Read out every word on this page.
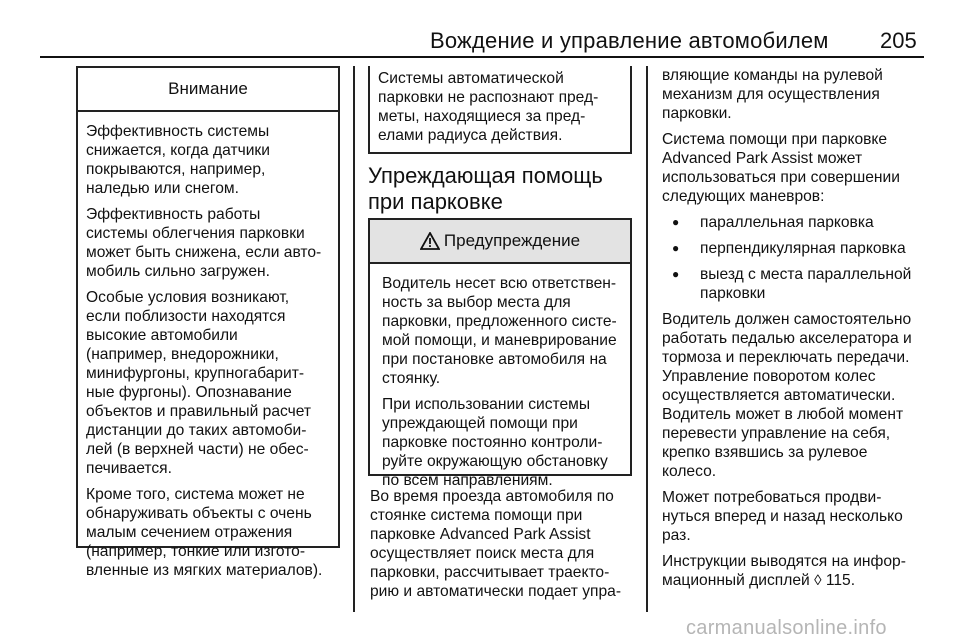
Вождение и управление автомобилем 205
Внимание

Эффективность системы
снижается, когда датчики
покрываются, например,
наледью или снегом.

Эффективность работы
системы облегчения парковки
может быть снижена, если авто-
мобиль сильно загружен.

Особые условия возникают,
если поблизости находятся
высокие автомобили
(например, внедорожники,
минифургоны, крупногабарит-
ные фургоны). Опознавание
объектов и правильный расчет
дистанции до таких автомоби-
лей (в верхней части) не обес-
печивается.

Кроме того, система может не
обнаруживать объекты с очень
малым сечением отражения
(например, тонкие или изгото-
вленные из мягких материалов).

Системы автоматической
парковки не распознают пред-
меты, находящиеся за пред-
елами радиуса действия.

Упреждающая помощь
при парковке
Предупреждение

Водитель несет всю ответствен-
ность за выбор места для
парковки, предложенного систе-
мой помощи, и маневрирование
при постановке автомобиля на
стоянку.

При использовании системы
упреждающей помощи при
парковке постоянно контроли-
руйте окружающую обстановку
по всем направлениям.

Во время проезда автомобиля по
стоянке система помощи при
парковке Advanced Park Assist
осуществляет поиск места для
парковки, рассчитывает траекто-
рию и автоматически подает упра-

вляющие команды на рулевой
механизм для осуществления
парковки.

Система помощи при парковке
Advanced Park Assist может
использоваться при совершении
следующих маневров:

● параллельная парковка
● перпендикулярная парковка
● выезд с места параллельной
парковки

Водитель должен самостоятельно
работать педалью акселератора и
тормоза и переключать передачи.
Управление поворотом колес
осуществляется автоматически.
Водитель может в любой момент
перевести управление на себя,
крепко взявшись за рулевое
колесо.

Может потребоваться продви-
нуться вперед и назад несколько
раз.

Инструкции выводятся на инфор-
мационный дисплей ◊ 115.

carmanualsonline.info
